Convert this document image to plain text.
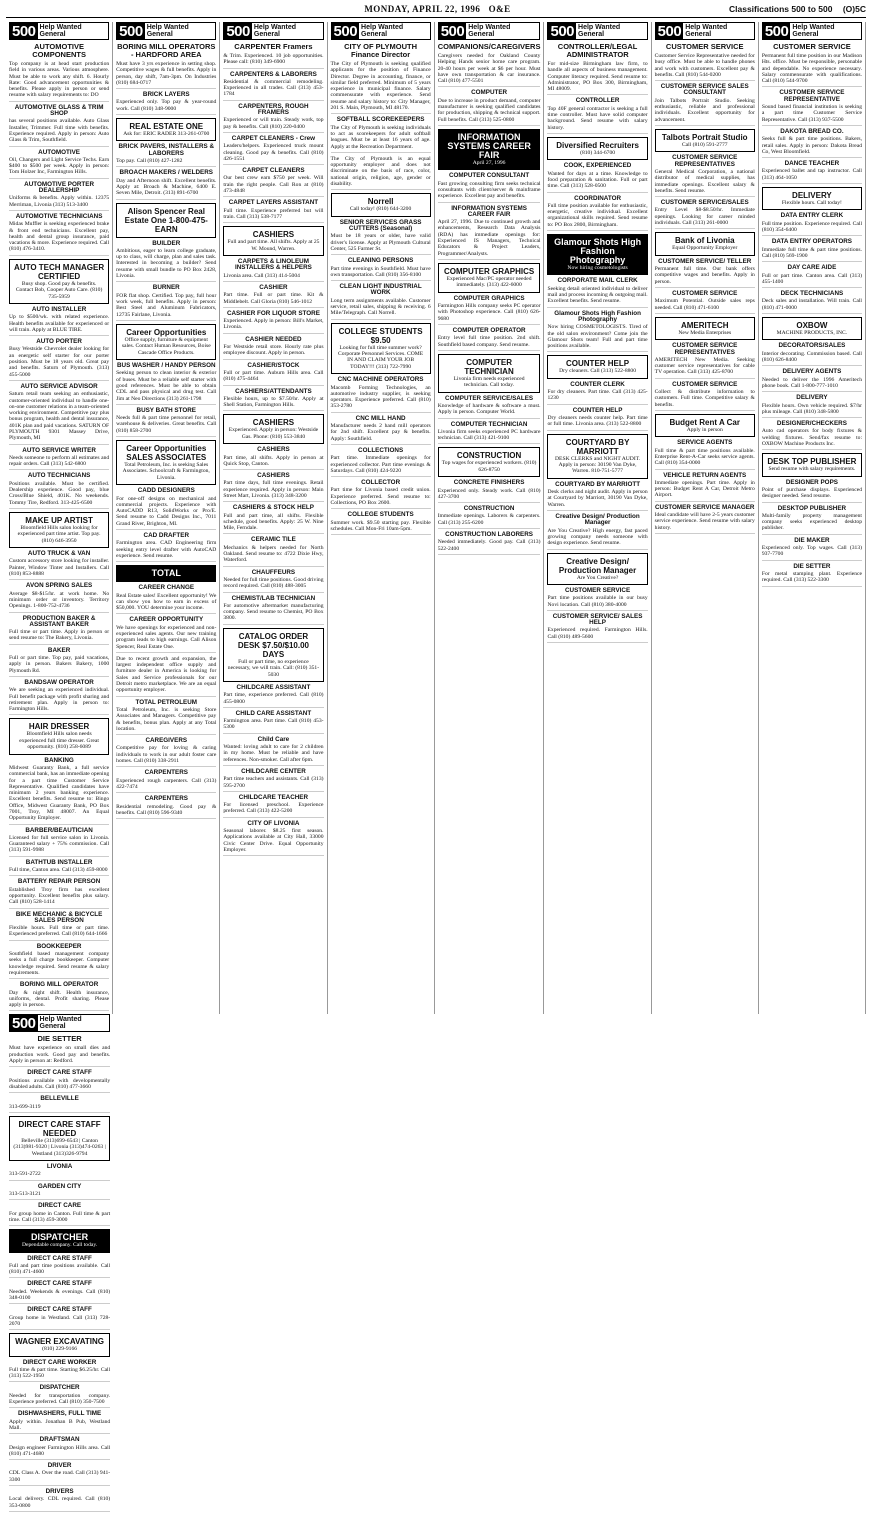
MONDAY, APRIL 22, 1996 O&E	Classifications 500 to 500 (O)5C
500 Help Wanted
General
AUTOMOTIVE COMPONENTS
Top company is at head start production field in various areas. Various atmosphere. Must be able to work any shift. 6. Hourly Rate: Good advancement opportunities & benefits. Please apply in person or send resume with salary requirements to: DO
AUTOMOTIVE GLASS & TRIM SHOP
has several positions available. Auto Glass Installer, Trimmer. Full time with benefits. Experience required. Apply in person: Auto Glass & Trim, Southfield.
AUTOMOTIVE
Oil, Changers and Light Service Techs. Earn $400 to $500 per week. Apply in person: Tom Holzer Inc, Farmington Hills.
AUTOMOTIVE PORTER DEALERSHIP
Uniforms & benefits. Apply within. 12375 Merriman, Livonia (313) 513-3400
AUTOMOTIVE TECHNICIANS
Midas Muffler is seeking experienced brake & front end technicians. Excellent pay, health and dental group insurance, paid vacations & more. Experience required. Call (810) 476-3410.
AUTO TECH MANAGER CERTIFIED
Busy shop. Good pay & benefits. Contact Bob, Cooper Auto Care. (810) 735-5959
AUTO INSTALLER
Up to $500/wk. with related experience. Health benefits available for experienced or will train. Apply at BLUE TIRE.
AUTO PORTER
Busy Westside Chevrolet dealer looking for an energetic self starter for our porter position. Must be 18 years old. Great pay and benefits. Saturn of Plymouth. (313) 455-5000
AUTO SERVICE ADVISOR
Saturn retail team seeking an enthusiastic, customer-oriented individual to handle one-on-one customer relations in a team-oriented working environment. Competitive pay plus bonus program, health and dental insurance, 401K plan and paid vacations. SATURN OF PLYMOUTH 9301 Massey Drive, Plymouth, MI
AUTO SERVICE WRITER
Needs someone to perform all estimates and repair orders. Call (313) 542-6800
AUTO TECHNICIANS
Positions available. Must be certified. Dealership experience. Good pay, blue Cross/Blue Shield, 401K. No weekends. Tommy Tire, Redford. 313-425-6500
MAKE UP ARTIST
Bloomfield Hills salon looking for experienced part time artist. Top pay. (810) 646-3950
AUTO TRUCK & VAN
Custom accessory store looking for installer. Painter, Window Tinter and Installers. Call (810) 853-8888
AVON SPRING SALES
Average $8-$15/hr. at work home. No minimum order or inventory. Territory Openings. 1-800-752-4736
PRODUCTION BAKER & ASSISTANT BAKER
Full time or part time. Apply in person or send resume to: The Bakery, Livonia.
BAKER
Full or part time. Top pay, paid vacations, apply in person. Bakers Bakery, 1000 Plymouth Rd.
BANDSAW OPERATOR
We are seeking an experienced individual. Full benefit package with profit sharing and retirement plan. Apply in person to: Farmington Hills.
HAIR DRESSER
Bloomfield Hills salon needs experienced full time dresser. Great opportunity. (810) 258-6089
BANKING
Midwest Guaranty Bank, a full service commercial bank, has an immediate opening for a part time Customer Service Representative. Qualified candidates have minimum 2 years banking experience. Excellent benefits. Send resume to: Bingo Office, Midwest Guaranty Bank, PO Box 7001, Troy, MI 48007. An Equal Opportunity Employer.
BARBER/BEAUTICIAN
Licensed for full service salon in Livonia. Guaranteed salary + 75% commission. Call (313) 591-9988
BATHTUB INSTALLER
Full time, Canton area. Call (313) 459-8000
BATTERY REPAIR PERSON
Established Troy firm has excellent opportunity. Excellent benefits plus salary. Call (810) 528-1414
BIKE MECHANIC & BICYCLE SALES PERSON
Flexible hours. Full time or part time. Experienced preferred. Call (810) 644-1666
BOOKKEEPER
Southfield based management company seeks a full charge bookkeeper. Computer knowledge required. Send resume & salary requirements.
BORING MILL OPERATOR
Day & night shift. Health insurance, uniforms, dental. Profit sharing. Please apply in person.
500 Help Wanted
General
BORING MILL OPERATORS - HARDFORD AREA
Must have 3 yrs experience in setting shop. Competitive wages & full benefits. Apply in person, day shift, 7am-3pm. On Industries (810) 684-0717
BRICK LAYERS
Experienced only. Top pay & year-round work. Call (810) 348-9000
REAL ESTATE ONE
Ask for: ERIC RADER 313-261-0700
BRICK PAVERS, INSTALLERS & LABORERS
Top pay. Call (810) 427-1282
BROACH MAKERS / WELDERS
Day and Afternoon shift. Excellent benefits. Apply at: Broach & Machine, 6400 E. Seven Mile, Detroit. (313) 891-6700
Alison Spencer Real Estate One 1-800-475-EARN
BUILDER
Ambitious, eager to learn college graduate, up to class, will charge, plan and sales task. Interested in becoming a builder? Send resume with small bundle to PO Box 2428, Livonia.
BURNER
FOR flat shop. Certified. Top pay, full hour work week, full benefits. Apply in person: Best Steel and Aluminum Fabricators, 12735 Fairlane, Livonia.
Career Opportunities
Office supply, furniture & equipment sales. Contact Human Resources, Boise Cascade Office Products.
BUS WASHER / HANDY PERSON
Seeking person to clean interior & exterior of buses. Must be a reliable self starter with good references. Must be able to obtain CDL and pass physical and drug test. Call Jim at Neo Directions (313) 261-1798
BUSY BATH STORE
Needs full & part time personnel for retail, warehouse & deliveries. Great benefits. Call (810) 858-2700
Career Opportunities SALES ASSOCIATES
Total Petroleum, Inc. is seeking Sales Associates. Schoolcraft & Farmington, Livonia.
CADD DESIGNERS
For one-off designs on mechanical and commercial projects. Experience with AutoCADD R13, SolidWorks or Pro/E. Send resume to Cadd Designs Inc., 7011 Grand River, Brighton, MI.
CAD DRAFTER
Farmington area. CAD Engineering firm seeking entry level drafter with AutoCAD experience. Send resume.
TOTAL
CAREER CHANGE
Real Estate sales! Excellent opportunity! We can show you how to earn in excess of $50,000. YOU determine your income.
CAREER OPPORTUNITY
We have openings for experienced and non-experienced sales agents. Our new training program leads to high earnings. Call Alison Spencer, Real Estate One.
Due to recent growth and expansion, the largest independent office supply and furniture dealer in America is looking for Sales and Service professionals for our Detroit metro marketplace. We are an equal opportunity employer.
TOTAL PETROLEUM
Total Petroleum, Inc. is seeking Store Associates and Managers. Competitive pay & benefits, bonus plan. Apply at any Total location.
CAREGIVERS
Competitive pay for loving & caring individuals to work in our adult foster care homes. Call (810) 338-2911
CARPENTERS
Experienced rough carpenters. Call (313) 422-7474
CARPENTERS
Residential remodeling. Good pay & benefits. Call (810) 596-9340
500 Help Wanted
General
CARPENTER Framers
& Trim. Experienced. 10 job opportunities. Please call: (810) 349-6900
CARPENTERS & LABORERS
Residential & commercial remodeling. Experienced in all trades. Call (313) 453-1784
CARPENTERS, ROUGH FRAMERS
Experienced or will train. Steady work, top pay & benefits. Call (810) 220-0400
CARPET CLEANERS - Crew
Leaders/helpers. Experienced truck mount cleaning. Good pay & benefits. Call (810) 426-1551
CARPET CLEANERS
Our best crew earn $750 per week. Will train the right people. Call Ron at (810) 473-4848
CARPET LAYERS ASSISTANT
Full time. Experience preferred but will train. Call (313) 538-7177
CASHIERS
Full and part time. All shifts. Apply at 25 W. Mound, Warren.
CARPETS & LINOLEUM INSTALLERS & HELPERS
Livonia area. Call (313) 414-5004
CASHIER
Part time. Full or part time. Kit & Middlebelt. Call Gloria (810) 546-1012
CASHIER FOR LIQUOR STORE
Experienced. Apply in person: Bill's Market, Livonia.
CASHIER NEEDED
For Westside retail store. Hourly rate plus employee discount. Apply in person.
CASHIER/STOCK
Full or part time. Auburn Hills area. Call (810) 475-4464
CASHIERS/ATTENDANTS
Flexible hours, up to $7.50/hr. Apply at Shell Station, Farmington Hills.
CASHIERS
Experienced. Apply in person: Westside Gas. Phone: (810) 553-3840
CASHIERS
Part time, all shifts. Apply in person at Quick Stop, Canton.
CASHIERS
Part time days, full time evenings. Retail experience required. Apply in person: Main Street Mart, Livonia. (313) 348-3200
CASHIERS & STOCK HELP
Full and part time, all shifts. Flexible schedule, good benefits. Apply: 25 W. Nine Mile, Ferndale.
CERAMIC TILE
Mechanics & helpers needed for North Oakland. Send resume to: 4722 Dixie Hwy, Waterford.
CHAUFFEURS
Needed for full time positions. Good driving record required. Call (810) 488-3005
CHEMIST/LAB TECHNICIAN
For automotive aftermarket manufacturing company. Send resume to Chemist, PO Box 3800.
CATALOG ORDER DESK $7.50/$10.00 DAYS
Full or part time, no experience necessary, we will train. Call: (810) 351-5030
CHILDCARE ASSISTANT
Part time, experience preferred. Call (810) 455-0800
CHILD CARE ASSISTANT
Farmington area. Part time. Call (810) 453-5300
Child Care
Wanted: loving adult to care for 2 children in my home. Must be reliable and have references. Non-smoker. Call after 6pm.
CHILDCARE CENTER
Part time teachers and assistants. Call (313) 595-2700
CHILDCARE TEACHER
For licensed preschool. Experience preferred. Call (313) 422-5200
CITY OF LIVONIA
Seasonal laborer. $8.25 first season. Applications available at City Hall, 33000 Civic Center Drive. Equal Opportunity Employer.
500 Help Wanted
General
CITY OF PLYMOUTH Finance Director
The City of Plymouth is seeking qualified applicants for the position of Finance Director. Degree in accounting, finance, or similar field preferred. Minimum of 5 years experience in municipal finance. Salary commensurate with experience. Send resume and salary history to: City Manager, 201 S. Main, Plymouth, MI 48170.
SOFTBALL SCOREKEEPERS
The City of Plymouth is seeking individuals to act as scorekeepers for adult softball leagues. Must be at least 16 years of age. Apply at the Recreation Department.
The City of Plymouth is an equal opportunity employer and does not discriminate on the basis of race, color, national origin, religion, age, gender or disability.
Norrell
Call today! (810) 644-3200
SENIOR SERVICES GRASS CUTTERS (Seasonal)
Must be 18 years or older, have valid driver's license. Apply at Plymouth Cultural Center, 525 Farmer St.
CLEANING PERSONS
Part time evenings in Southfield. Must have own transportation. Call (810) 356-8100
CLEAN LIGHT INDUSTRIAL WORK
Long term assignments available. Customer service, retail sales, shipping & receiving. 6 Mile/Telegraph. Call Norrell.
COLLEGE STUDENTS $9.50
Looking for full time summer work? Corporate Personnel Services. COME IN AND CLAIM YOUR JOB TODAY!!! (313) 722-7990
CNC MACHINE OPERATORS
Macomb Forming Technologies, an automotive industry supplier, is seeking operators. Experience preferred. Call (810) 353-2780
CNC MILL HAND
Manufacturer needs 2 hand mill operators for 2nd shift. Excellent pay & benefits. Apply: Southfield.
COLLECTIONS
Part time. Immediate openings for experienced collector. Part time evenings & Saturdays. Call (810) 424-9220
COLLECTOR
Part time for Livonia based credit union. Experience preferred. Send resume to: Collections, PO Box 2600.
COLLEGE STUDENTS
Summer work. $9.50 starting pay. Flexible schedules. Call Mon-Fri 10am-5pm.
500 Help Wanted
General
COMPANIONS/CAREGIVERS
Caregivers needed for Oakland County Helping Hands senior home care program. 20-40 hours per week at $6 per hour. Must have own transportation & car insurance. Call (810) 477-5501
COMPUTER
Due to increase in product demand, computer manufacturer is seeking qualified candidates for production, shipping & technical support. Full benefits. Call (313) 525-0800
INFORMATION SYSTEMS CAREER FAIR
April 27, 1996
COMPUTER CONSULTANT
Fast growing consulting firm seeks technical consultants with client/server & mainframe experience. Excellent pay and benefits.
INFORMATION SYSTEMS CAREER FAIR
April 27, 1996. Due to continued growth and enhancements, Research Data Analysis (RDA) has immediate openings for: Experienced IS Managers, Technical Educators & Project Leaders, Programmer/Analysts.
COMPUTER GRAPHICS
Experienced Mac/PC operator needed immediately. (313) 422-6000
COMPUTER GRAPHICS
Farmington Hills company seeks PC operator with Photoshop experience. Call (810) 626-9680
COMPUTER OPERATOR
Entry level full time position. 2nd shift. Southfield based company. Send resume.
COMPUTER TECHNICIAN
Livonia firm needs experienced technician. Call today.
COMPUTER SERVICE/SALES
Knowledge of hardware & software a must. Apply in person. Computer World.
COMPUTER TECHNICIAN
Livonia firm seeks experienced PC hardware technician. Call (313) 421-9100
CONSTRUCTION
Top wages for experienced workers. (810) 626-8750
CONCRETE FINISHERS
Experienced only. Steady work. Call (810) 427-3700
CONSTRUCTION
Immediate openings. Laborers & carpenters. Call (313) 255-6200
CONSTRUCTION LABORERS
Needed immediately. Good pay. Call (313) 522-2400
500 Help Wanted
General
CONTROLLER/LEGAL ADMINISTRATOR
For mid-size Birmingham law firm, to handle all aspects of business management. Computer literacy required. Send resume to: Administrator, PO Box 300, Birmingham, MI 48009.
CONTROLLER
Top 40F general contractor is seeking a full time controller. Must have solid computer background. Send resume with salary history.
Diversified Recruiters
(810) 344-6700
COOK, EXPERIENCED
Wanted for days at a time. Knowledge to food preparation & sanitation. Full or part time. Call (313) 528-0500
COORDINATOR
Full time position available for enthusiastic, energetic, creative individual. Excellent organizational skills required. Send resume to: PO Box 2800, Birmingham.
Glamour Shots High Fashion Photography
Now hiring cosmetologists
CORPORATE MAIL CLERK
Seeking detail oriented individual to deliver mail and process incoming & outgoing mail. Excellent benefits. Send resume.
Glamour Shots High Fashion Photography
Now hiring COSMETOLOGISTS. Tired of the old salon environment? Come join the Glamour Shots team! Full and part time positions available.
COUNTER HELP
Dry cleaners. Call (313) 522-8800
COUNTER CLERK
For dry cleaners. Part time. Call (313) 425-1230
COUNTER HELP
Dry cleaners needs counter help. Part time or full time. Livonia area. (313) 522-8800
COURTYARD BY MARRIOTT
DESK CLERKS and NIGHT AUDIT. Apply in person: 30190 Van Dyke, Warren. 810-751-5777
COURTYARD BY MARRIOTT
Desk clerks and night audit. Apply in person at Courtyard by Marriott, 30190 Van Dyke, Warren.
Creative Design/ Production Manager
Are You Creative? High energy, fast paced growing company needs someone with design experience. Send resume.
Creative Design/ Production Manager
Are You Creative?
CUSTOMER SERVICE
Part time positions available in our busy Novi location. Call (810) 380-4000
CUSTOMER SERVICE/ SALES HELP
Experienced required. Farmington Hills. Call (810) 489-5600
500 Help Wanted
General
CUSTOMER SERVICE
Customer Service Representative needed for busy office. Must be able to handle phones and work with customers. Excellent pay & benefits. Call (810) 544-0200
CUSTOMER SERVICE SALES CONSULTANT
Join Talbots Portrait Studio. Seeking enthusiastic, reliable and professional individuals. Excellent opportunity for advancement.
Talbots Portrait Studio
Call (810) 591-2777
CUSTOMER SERVICE REPRESENTATIVES
General Medical Corporation, a national distributor of medical supplies, has immediate openings. Excellent salary & benefits. Send resume.
CUSTOMER SERVICE/SALES
Entry Level $8-$8.50/hr. Immediate openings. Looking for career minded individuals. Call (313) 261-0000
Bank of Livonia
Equal Opportunity Employer
CUSTOMER SERVICE/ TELLER
Permanent full time. Our bank offers competitive wages and benefits. Apply in person.
CUSTOMER SERVICE
Maximum Potential. Outside sales reps needed. Call (810) 471-6100
AMERITECH
New Media Enterprises
CUSTOMER SERVICE REPRESENTATIVES
AMERITECH New Media. Seeking customer service representatives for cable TV operation. Call (313) 425-8700
CUSTOMER SERVICE
Collect & distribute information to customers. Full time. Competitive salary & benefits.
Budget Rent A Car
Apply in person
SERVICE AGENTS
Full time & part time positions available. Enterprise Rent-A-Car seeks service agents. Call (810) 354-0000
VEHICLE RETURN AGENTS
Immediate openings. Part time. Apply in person: Budget Rent A Car, Detroit Metro Airport.
CUSTOMER SERVICE MANAGER
Ideal candidate will have 2-5 years customer service experience. Send resume with salary history.
500 Help Wanted
General
CUSTOMER SERVICE
Permanent full time position in our Madison Hts. office. Must be responsible, personable and dependable. No experience necessary. Salary commensurate with qualifications. Call (810) 544-9700
CUSTOMER SERVICE REPRESENTATIVE
Sound based financial institution is seeking a part time Customer Service Representative. Call (313) 937-5500
DAKOTA BREAD CO.
Seeks full & part time positions. Bakers, retail sales. Apply in person: Dakota Bread Co, West Bloomfield.
DANCE TEACHER
Experienced ballet and tap instructor. Call (313) 464-1050
DELIVERY
Flexible hours. Call today!
DATA ENTRY CLERK
Full time position. Experience required. Call (810) 354-6400
DATA ENTRY OPERATORS
Immediate full time & part time positions. Call (810) 569-1900
DAY CARE AIDE
Full or part time. Canton area. Call (313) 455-1400
DECK TECHNICIANS
Deck sales and installation. Will train. Call (810) 471-0000
OXBOW
MACHINE PRODUCTS, INC.
DECORATORS/SALES
Interior decorating. Commission based. Call (810) 626-8400
DELIVERY AGENTS
Needed to deliver the 1996 Ameritech phone book. Call 1-800-777-1010
DELIVERY
Flexible hours. Own vehicle required. $7/hr plus mileage. Call (810) 348-5800
DESIGNER/CHECKERS
Auto cad operators for body fixtures & welding fixtures. Send/fax resume to: OXBOW Machine Products Inc.
DESK TOP PUBLISHER
Send resume with salary requirements.
DESIGNER POPS
Point of purchase displays. Experienced designer needed. Send resume.
DESKTOP PUBLISHER
Multi-family property management company seeks experienced desktop publisher.
DIE MAKER
Experienced only. Top wages. Call (313) 937-7700
DIE SETTER
For metal stamping plant. Experience required. Call (313) 522-3300
500 Help Wanted
General
DIE SETTER
Must have experience on small dies and production work. Good pay and benefits. Apply in person at: Redford.
DIRECT CARE STAFF
Positions available with developmentally disabled adults. Call (810) 477-3660
BELLEVILLE
313-699-3119
DIRECT CARE STAFF NEEDED
Belleville (313)699-6543 | Canton (313)981-9320 | Livonia (313)474-0263 | Westland (313)326-9794
LIVONIA
313-591-2722
GARDEN CITY
313-513-3121
DIRECT CARE
For group home in Canton. Full time & part time. Call (313) 459-3000
DISPATCHER
Dependable company. Call today.
DIRECT CARE STAFF
Full and part time positions available. Call (810) 471-4600
DIRECT CARE STAFF
Needed. Weekends & evenings. Call (810) 348-0100
DIRECT CARE STAFF
Group home in Westland. Call (313) 728-2070
WAGNER EXCAVATING
(810) 229-9166
DIRECT CARE WORKER
Full time & part time. Starting $6.25/hr. Call (313) 522-1950
DISPATCHER
Needed for transportation company. Experience preferred. Call (810) 350-7500
DISHWASHERS, FULL TIME
Apply within. Jonathan B Pub, Westland Mall.
DRAFTSMAN
Design engineer Farmington Hills area. Call (810) 471-4680
DRIVER
CDL Class A. Over the road. Call (313) 941-3300
DRIVERS
Local delivery. CDL required. Call (810) 353-0800
